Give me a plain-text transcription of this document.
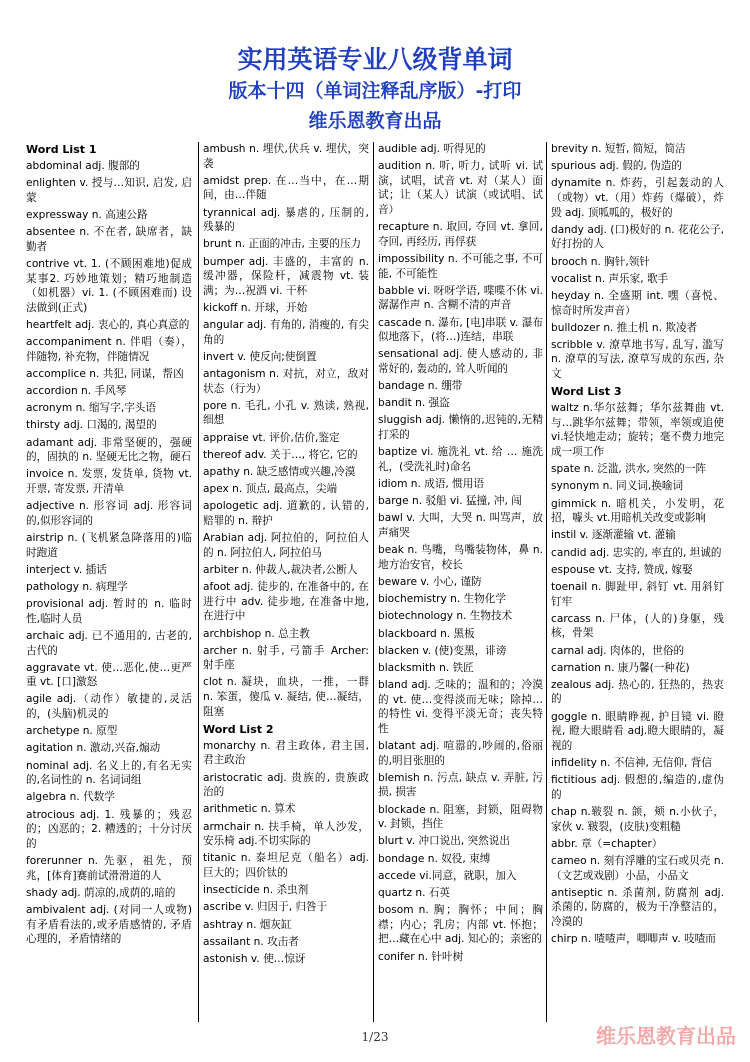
实用英语专业八级背单词
版本十四（单词注释乱序版）-打印
维乐恩教育出品
Word List 1
abdominal adj. 腹部的
enlighten v. 授与…知识, 启发, 启蒙
expressway n. 高速公路
absentee n. 不在者, 缺席者，缺勤者
contrive vt. 1. (不顾困难地)促成某事2. 巧妙地策划；精巧地制造（如机器）vi. 1. (不顾困难而) 设法做到(正式)
heartfelt adj. 衷心的, 真心真意的
accompaniment n. 伴唱（奏），伴随物, 补充物，伴随情况
accomplice n. 共犯, 同谋，帮凶
accordion n. 手风琴
acronym n. 缩写字,字头语
thirsty adj. 口渴的, 渴望的
adamant adj. 非常坚硬的，强硬的，固执的 n. 坚硬无比之物，硬石
invoice n. 发票, 发货单, 货物 vt. 开票, 寄发票, 开清单
adjective n. 形容词 adj. 形容词的,似形容词的
airstrip n. (飞机紧急降落用的)临时跑道
interject v. 插话
pathology n. 病理学
provisional adj. 暂时的 n. 临时性,临时人员
archaic adj. 已不通用的, 古老的, 古代的
aggravate vt. 使…恶化,使…更严重 vt. [口]激怒
agile adj.（动作）敏捷的,灵活的，(头脑)机灵的
archetype n. 原型
agitation n. 激动,兴奋,煽动
nominal adj. 名义上的,有名无实的,名词性的 n. 名词词组
algebra n. 代数学
atrocious adj. 1. 残暴的；残忍的；凶恶的；2. 糟透的；十分讨厌的
forerunner n. 先驱，祖先，预兆，[体育]赛前试滑滑道的人
shady adj. 荫凉的,成荫的,暗的
ambivalent adj. (对同一人或物)有矛盾看法的,或矛盾感情的, 矛盾心理的，矛盾情绪的
ambush n. 埋伏,伏兵 v. 埋伏，突袭
amidst prep. 在…当中，在…期间，由…伴随
tyrannical adj. 暴虐的, 压制的, 残暴的
brunt n. 正面的冲击, 主要的压力
bumper adj. 丰盛的，丰富的 n. 缓冲器，保险杆，减震物 vt. 装满；为…祝酒 vi. 干杯
kickoff n. 开球，开始
angular adj. 有角的, 消瘦的, 有尖角的
invert v. 使反向;使倒置
antagonism n. 对抗，对立，敌对状态（行为）
pore n. 毛孔, 小孔 v. 熟读, 熟视, 细想
appraise vt. 评价,估价,鉴定
thereof adv. 关于…, 将它, 它的
apathy n. 缺乏感情或兴趣,冷漠
apex n. 顶点, 最高点，尖端
apologetic adj. 道歉的, 认错的, 赔罪的 n. 辩护
Arabian adj. 阿拉伯的，阿拉伯人的 n. 阿拉伯人, 阿拉伯马
arbiter n. 仲裁人,裁决者,公断人
afoot adj. 徒步的, 在准备中的, 在进行中 adv. 徒步地, 在准备中地, 在进行中
archbishop n. 总主教
archer n. 射手, 弓箭手 Archer: 射手座
clot n. 凝块，血块，一推，一群 n. 笨蛋，傻瓜 v. 凝结, 使…凝结，阻塞
Word List 2
monarchy n. 君主政体, 君主国, 君主政治
aristocratic adj. 贵族的, 贵族政治的
arithmetic n. 算术
armchair n. 扶手椅，单人沙发，安乐椅 adj.不切实际的
titanic n. 泰坦尼克（船名）adj. 巨大的；四价钛的
insecticide n. 杀虫剂
ascribe v. 归因于, 归咎于
ashtray n. 烟灰缸
assailant n. 攻击者
astonish v. 使…惊讶
audible adj. 听得见的
audition n. 听, 听力, 试听 vi. 试演，试唱，试音 vt. 对（某人）面试；让（某人）试演（或试唱、试音）
recapture n. 取回, 夺回 vt. 拿回, 夺回, 再经历, 再俘获
impossibility n. 不可能之事, 不可能, 不可能性
babble vi. 呀呀学语, 喋喋不休 vi. 潺潺作声 n. 含糊不清的声音
cascade n. 瀑布, [电]串联 v. 瀑布似地落下，(将…)连结，串联
sensational adj. 使人感动的, 非常好的, 轰动的, 耸人听闻的
bandage n. 绷带
bandit n. 强盗
sluggish adj. 懒惰的,迟钝的,无精打采的
baptize vi. 施洗礼 vt. 给 … 施洗礼，(受洗礼时)命名
idiom n. 成语, 惯用语
barge n. 驳船 vi. 猛撞, 冲, 闯
bawl v. 大叫，大哭 n. 叫骂声，放声痛哭
beak n. 鸟嘴，鸟嘴装物体，鼻 n. 地方治安官，校长
beware v. 小心, 谨防
biochemistry n. 生物化学
biotechnology n. 生物技术
blackboard n. 黑板
blacken v. (使)变黑，诽谤
blacksmith n. 铁匠
bland adj. 乏味的；温和的；冷漠的 vt. 使…变得淡而无味；除掉…的特性 vi. 变得平淡无奇；丧失特性
blatant adj. 喧嚣的,吵闹的,俗丽的,明目张胆的
blemish n. 污点, 缺点 v. 弄脏, 污损, 损害
blockade n. 阻塞，封锁，阻碍物 v. 封锁，挡住
blurt v. 冲口说出, 突然说出
bondage n. 奴役, 束缚
accede vi.同意，就职，加入
quartz n. 石英
bosom n. 胸；胸怀；中间；胸襟；内心；乳房；内部 vt. 怀抱；把…藏在心中 adj. 知心的；亲密的
conifer n. 针叶树
brevity n. 短暂, 简短，简洁
spurious adj. 假的, 伪造的
dynamite n. 炸药，引起轰动的人（或物）vt.（用）炸药（爆破），炸毁 adj. 顶呱呱的，极好的
dandy adj. (口)极好的 n. 花花公子,好打扮的人
brooch n. 胸针,领针
vocalist n. 声乐家, 歌手
heyday n. 全盛期 int. 嘿（喜悦、惊奇时所发声音）
bulldozer n. 推土机 n. 欺凌者
scribble v. 潦草地书写, 乱写, 滥写 n. 潦草的写法, 潦草写成的东西, 杂文
Word List 3
waltz n.华尔兹舞；华尔兹舞曲 vt.与…跳华尔兹舞；带领，率领或追使 vi.轻快地走动；旋转；毫不费力地完成一项工作
spate n. 泛滥, 洪水, 突然的一阵
synonym n. 同义词,换喻词
gimmick n. 暗机关，小发明，花招，噱头 vt.用暗机关改变或影响
instil v. 逐渐灌输 vt. 灌输
candid adj. 忠实的, 率直的, 坦诚的
espouse vt. 支持, 赞成, 嫁娶
toenail n. 脚趾甲, 斜钉 vt. 用斜钉钉牢
carcass n. 尸体，(人的)身躯，残核，骨架
carnal adj. 肉体的，世俗的
carnation n. 康乃馨(一种花)
zealous adj. 热心的, 狂热的，热衷的
goggle n. 眼睛睁视, 护目镜 vi. 瞪视, 瞪大眼睛看 adj.瞪大眼睛的，凝视的
infidelity n. 不信神, 无信仰, 背信
fictitious adj. 假想的,编造的,虚伪的
chap n.皲裂 n. 颌，颊 n.小伙子，家伙 v. 皲裂，(皮肤)变粗糙
abbr. 章（=chapter）
cameo n. 刻有浮雕的宝石或贝壳 n.（文艺或戏剧）小品，小品文
antiseptic n. 杀菌剂, 防腐剂 adj. 杀菌的, 防腐的，极为干净整洁的，冷漠的
chirp n. 喳喳声，唧唧声 v. 吱喳而
1/23	维乐恩教育出品
